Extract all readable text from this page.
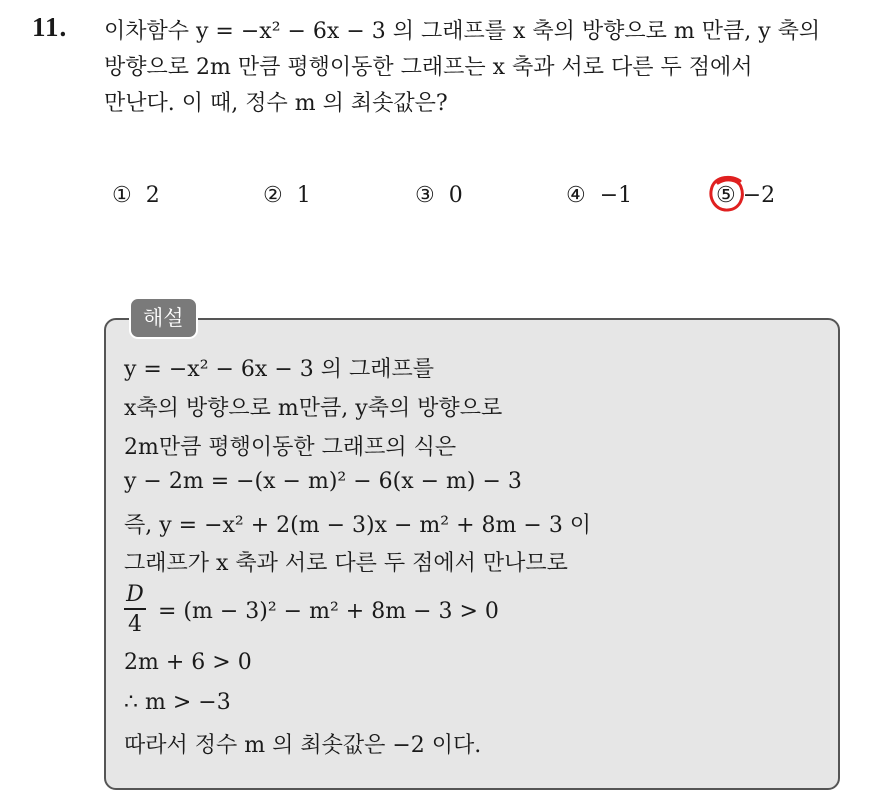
11. 이차함수 y = −x² − 6x − 3 의 그래프를 x 축의 방향으로 m 만큼, y 축의
방향으로 2m 만큼 평행이동한 그래프는 x 축과 서로 다른 두 점에서
만난다. 이 때, 정수 m 의 최솟값은?
① 2	② 1	③ 0	④ −1	⑤ −2
해설
y = −x² − 6x − 3 의 그래프를
x축의 방향으로 m만큼, y축의 방향으로
2m만큼 평행이동한 그래프의 식은
y − 2m = −(x − m)² − 6(x − m) − 3
즉, y = −x² + 2(m − 3)x − m² + 8m − 3 이
그래프가 x 축과 서로 다른 두 점에서 만나므로
D
4
= (m − 3)² − m² + 8m − 3 > 0
2m + 6 > 0
∴ m > −3
따라서 정수 m 의 최솟값은 −2 이다.
